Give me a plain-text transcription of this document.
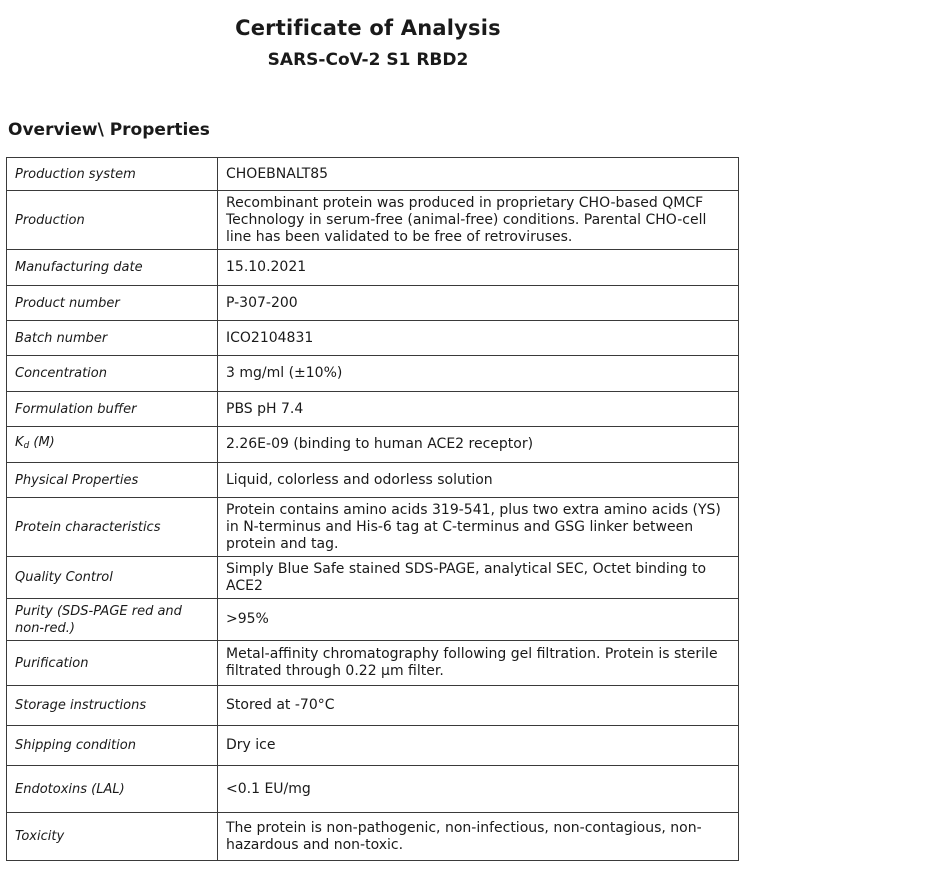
Certificate of Analysis
SARS-CoV-2 S1 RBD2
Overview\ Properties
Production system	CHOEBNALT85
Production	Recombinant protein was produced in proprietary CHO-based QMCF Technology in serum-free (animal-free) conditions. Parental CHO-cell line has been validated to be free of retroviruses.
Manufacturing date	15.10.2021
Product number	P-307-200
Batch number	ICO2104831
Concentration	3 mg/ml (±10%)
Formulation buffer	PBS pH 7.4
$K_d$ (M)	2.26E-09 (binding to human ACE2 receptor)
Physical Properties	Liquid, colorless and odorless solution
Protein characteristics	Protein contains amino acids 319-541, plus two extra amino acids (YS) in N-terminus and His-6 tag at C-terminus and GSG linker between protein and tag.
Quality Control	Simply Blue Safe stained SDS-PAGE, analytical SEC, Octet binding to ACE2
Purity (SDS-PAGE red and non-red.)	>95%
Purification	Metal-affinity chromatography following gel filtration. Protein is sterile filtrated through 0.22 µm filter.
Storage instructions	Stored at -70°C
Shipping condition	Dry ice
Endotoxins (LAL)	<0.1 EU/mg
Toxicity	The protein is non-pathogenic, non-infectious, non-contagious, non-hazardous and non-toxic.
